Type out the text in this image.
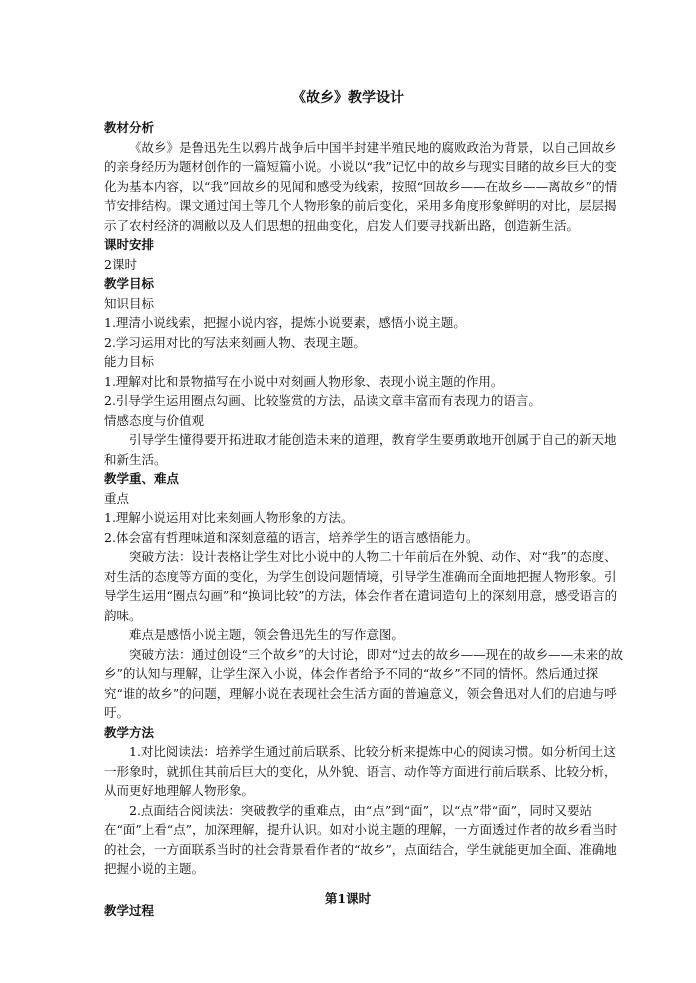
《故乡》教学设计

教材分析

《故乡》是鲁迅先生以鸦片战争后中国半封建半殖民地的腐败政治为背景，以自己回故乡的亲身经历为题材创作的一篇短篇小说。小说以“我”记忆中的故乡与现实目睹的故乡巨大的变化为基本内容，以“我”回故乡的见闻和感受为线索，按照“回故乡——在故乡——离故乡”的情节安排结构。课文通过闰土等几个人物形象的前后变化，采用多角度形象鲜明的对比，层层揭示了农村经济的凋敝以及人们思想的扭曲变化，启发人们要寻找新出路，创造新生活。

课时安排

2课时

教学目标

知识目标

1.理清小说线索，把握小说内容，提炼小说要素，感悟小说主题。

2.学习运用对比的写法来刻画人物、表现主题。

能力目标

1.理解对比和景物描写在小说中对刻画人物形象、表现小说主题的作用。

2.引导学生运用圈点勾画、比较鉴赏的方法，品读文章丰富而有表现力的语言。

情感态度与价值观

引导学生懂得要开拓进取才能创造未来的道理，教育学生要勇敢地开创属于自己的新天地和新生活。

教学重、难点

重点

1.理解小说运用对比来刻画人物形象的方法。

2.体会富有哲理味道和深刻意蕴的语言，培养学生的语言感悟能力。

突破方法：设计表格让学生对比小说中的人物二十年前后在外貌、动作、对“我”的态度、对生活的态度等方面的变化，为学生创设问题情境，引导学生准确而全面地把握人物形象。引导学生运用“圈点勾画”和“换词比较”的方法，体会作者在遣词造句上的深刻用意，感受语言的韵味。

难点是感悟小说主题，领会鲁迅先生的写作意图。

突破方法：通过创设“三个故乡”的大讨论，即对“过去的故乡——现在的故乡——未来的故乡”的认知与理解，让学生深入小说，体会作者给予不同的“故乡”不同的情怀。然后通过探究“谁的故乡”的问题，理解小说在表现社会生活方面的普遍意义，领会鲁迅对人们的启迪与呼吁。

教学方法

1.对比阅读法：培养学生通过前后联系、比较分析来提炼中心的阅读习惯。如分析闰土这一形象时，就抓住其前后巨大的变化，从外貌、语言、动作等方面进行前后联系、比较分析，从而更好地理解人物形象。

2.点面结合阅读法：突破教学的重难点，由“点”到“面”，以“点”带“面”，同时又要站在“面”上看“点”，加深理解，提升认识。如对小说主题的理解，一方面透过作者的故乡看当时的社会，一方面联系当时的社会背景看作者的“故乡”，点面结合，学生就能更加全面、准确地把握小说的主题。

教学过程

第1课时
